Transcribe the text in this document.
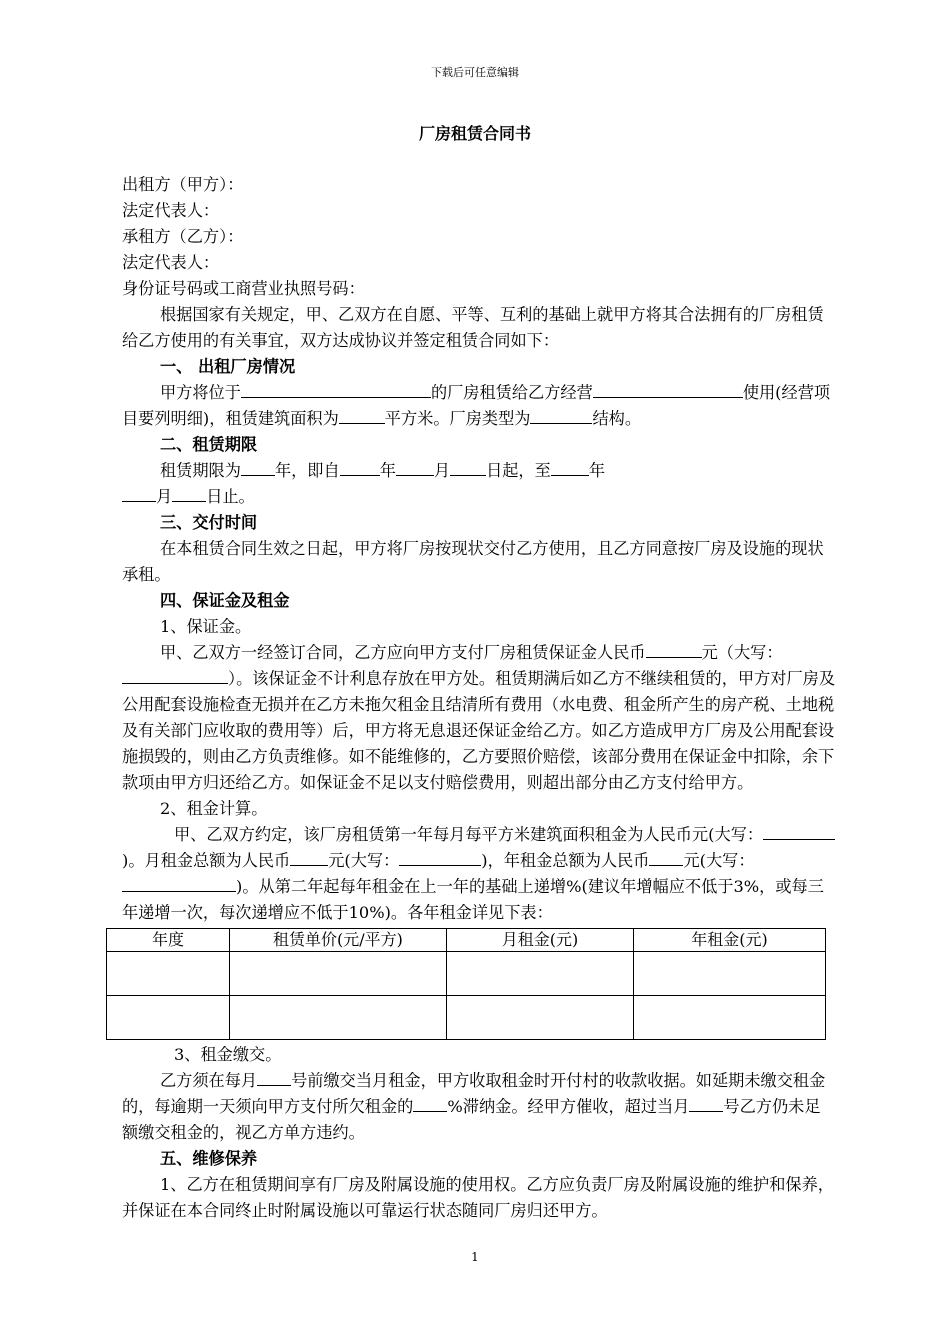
下载后可任意编辑
厂房租赁合同书

出租方（甲方）：

法定代表人：

承租方（乙方）：

法定代表人：

身份证号码或工商营业执照号码：

根据国家有关规定，甲、乙双方在自愿、平等、互利的基础上就甲方将其合法拥有的厂房租赁给乙方使用的有关事宜，双方达成协议并签定租赁合同如下：

一、 出租厂房情况

甲方将位于	的厂房租赁给乙方经营	使用(经营项目要列明细)，租赁建筑面积为	平方米。厂房类型为	结构。

二、租赁期限

租赁期限为 年，即自 年 月 日起，至 年

月 日止。

三、交付时间

在本租赁合同生效之日起，甲方将厂房按现状交付乙方使用，且乙方同意按厂房及设施的现状承租。

四、保证金及租金

1、保证金。

甲、乙双方一经签订合同，乙方应向甲方支付厂房租赁保证金人民币	元（大写：）。该保证金不计利息存放在甲方处。租赁期满后如乙方不继续租赁的，甲方对厂房及公用配套设施检查无损并在乙方未拖欠租金且结清所有费用（水电费、租金所产生的房产税、土地税及有关部门应收取的费用等）后，甲方将无息退还保证金给乙方。如乙方造成甲方厂房及公用配套设施损毁的，则由乙方负责维修。如不能维修的，乙方要照价赔偿，该部分费用在保证金中扣除，余下款项由甲方归还给乙方。如保证金不足以支付赔偿费用，则超出部分由乙方支付给甲方。

2、租金计算。

甲、乙双方约定，该厂房租赁第一年每月每平方米建筑面积租金为人民币元(大写：)。月租金总额为人民币 元(大写：	)，年租金总额为人民币 元(大写：)。从第二年起每年租金在上一年的基础上递增%(建议年增幅应不低于3%，或每三年递增一次，每次递增应不低于10%)。各年租金详见下表：

年度	租赁单价(元/平方)	月租金(元)	年租金(元)

3、租金缴交。

乙方须在每月 号前缴交当月租金，甲方收取租金时开付村的收款收据。如延期未缴交租金的，每逾期一天须向甲方支付所欠租金的 %滞纳金。经甲方催收，超过当月 号乙方仍未足额缴交租金的，视乙方单方违约。

五、维修保养

1、乙方在租赁期间享有厂房及附属设施的使用权。乙方应负责厂房及附属设施的维护和保养，并保证在本合同终止时附属设施以可靠运行状态随同厂房归还甲方。

1
